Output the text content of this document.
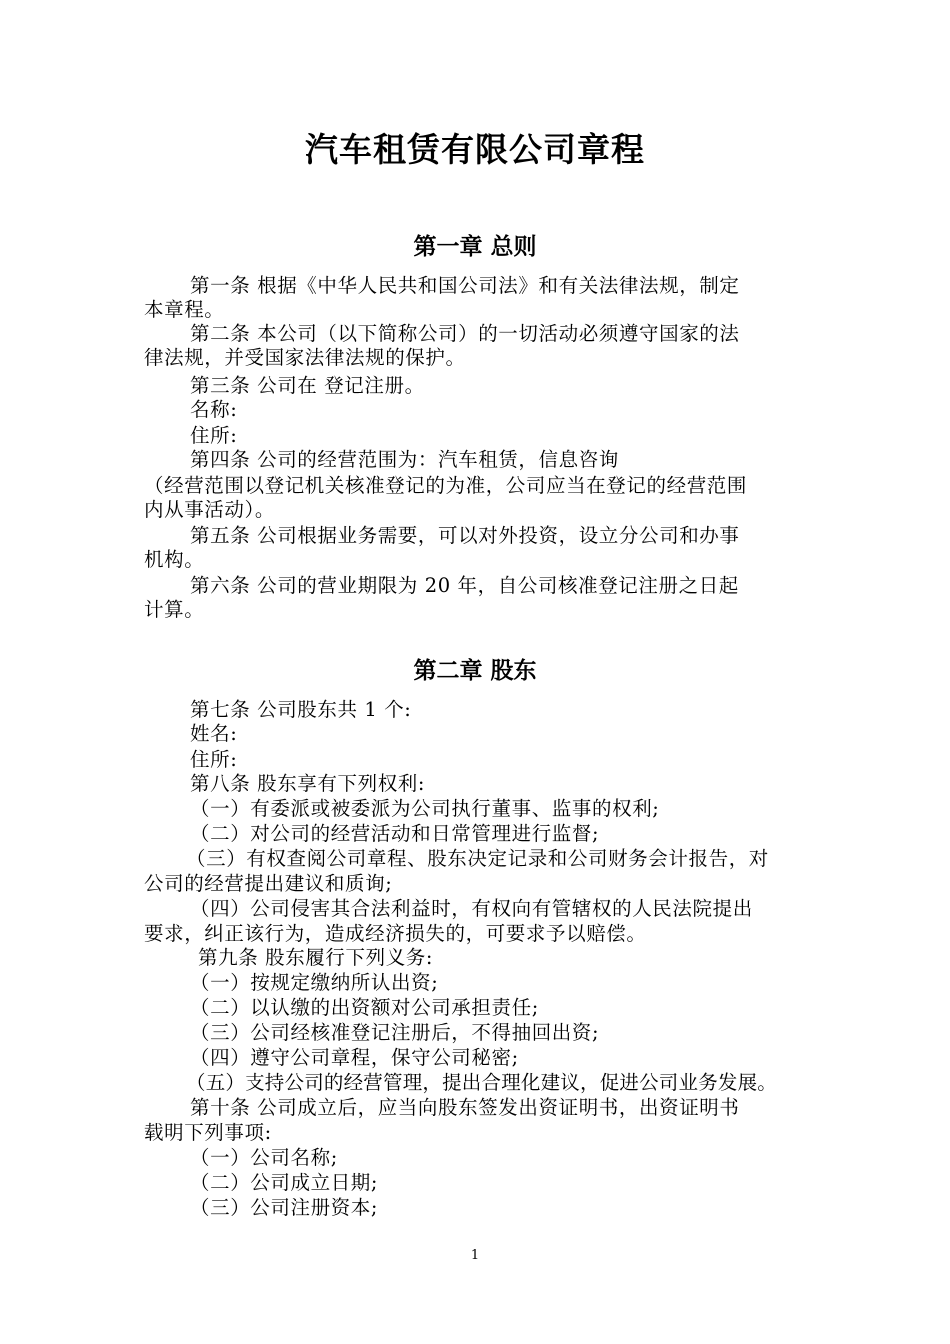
汽车租赁有限公司章程
第一章 总则

第一条 根据《中华人民共和国公司法》和有关法律法规，制定

本章程。

第二条 本公司（以下简称公司）的一切活动必须遵守国家的法

律法规，并受国家法律法规的保护。

第三条 公司在 登记注册。

名称:

住所:

第四条 公司的经营范围为：汽车租赁，信息咨询

（经营范围以登记机关核准登记的为准，公司应当在登记的经营范围

内从事活动）。

第五条 公司根据业务需要，可以对外投资，设立分公司和办事

机构。

第六条 公司的营业期限为 20 年，自公司核准登记注册之日起

计算。

第二章 股东

第七条 公司股东共 1 个:

姓名:

住所:

第八条 股东享有下列权利:

（一）有委派或被委派为公司执行董事、监事的权利;

（二）对公司的经营活动和日常管理进行监督;

（三）有权查阅公司章程、股东决定记录和公司财务会计报告，对

公司的经营提出建议和质询;

（四）公司侵害其合法利益时，有权向有管辖权的人民法院提出

要求，纠正该行为，造成经济损失的，可要求予以赔偿。

第九条 股东履行下列义务:

（一）按规定缴纳所认出资;

（二）以认缴的出资额对公司承担责任;

（三）公司经核准登记注册后，不得抽回出资;

（四）遵守公司章程，保守公司秘密;

（五）支持公司的经营管理，提出合理化建议，促进公司业务发展。

第十条 公司成立后，应当向股东签发出资证明书，出资证明书

载明下列事项:

（一）公司名称;

（二）公司成立日期;

（三）公司注册资本;

1
